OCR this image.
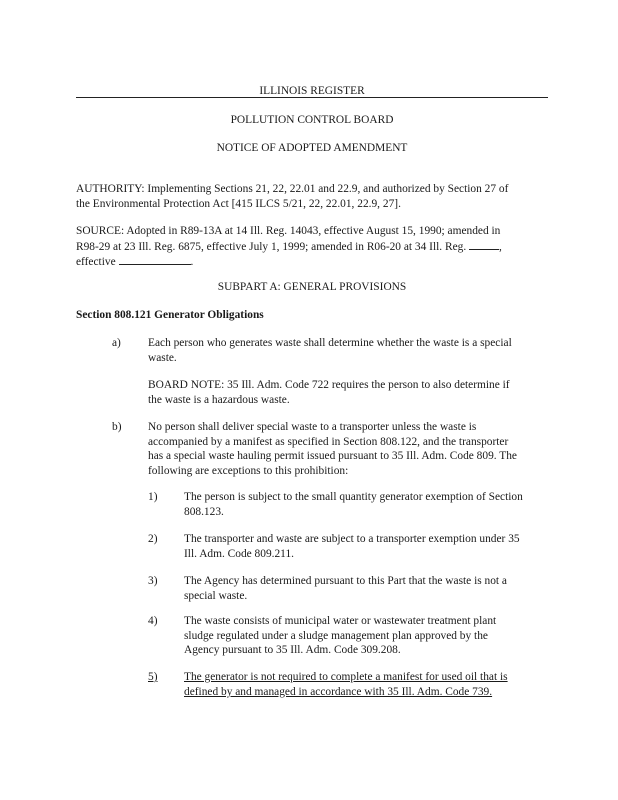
ILLINOIS REGISTER
POLLUTION CONTROL BOARD
NOTICE OF ADOPTED AMENDMENT
AUTHORITY: Implementing Sections 21, 22, 22.01 and 22.9, and authorized by Section 27 of
the Environmental Protection Act [415 ILCS 5/21, 22, 22.01, 22.9, 27].
SOURCE: Adopted in R89-13A at 14 Ill. Reg. 14043, effective August 15, 1990; amended in
R98-29 at 23 Ill. Reg. 6875, effective July 1, 1999; amended in R06-20 at 34 Ill. Reg.	,
effective	.
SUBPART A: GENERAL PROVISIONS
Section 808.121 Generator Obligations
a) Each person who generates waste shall determine whether the waste is a special
waste.
BOARD NOTE: 35 Ill. Adm. Code 722 requires the person to also determine if
the waste is a hazardous waste.
b) No person shall deliver special waste to a transporter unless the waste is
accompanied by a manifest as specified in Section 808.122, and the transporter
has a special waste hauling permit issued pursuant to 35 Ill. Adm. Code 809. The
following are exceptions to this prohibition:
1) The person is subject to the small quantity generator exemption of Section
808.123.
2) The transporter and waste are subject to a transporter exemption under 35
Ill. Adm. Code 809.211.
3) The Agency has determined pursuant to this Part that the waste is not a
special waste.
4) The waste consists of municipal water or wastewater treatment plant
sludge regulated under a sludge management plan approved by the
Agency pursuant to 35 Ill. Adm. Code 309.208.
5) The generator is not required to complete a manifest for used oil that is
defined by and managed in accordance with 35 Ill. Adm. Code 739.
